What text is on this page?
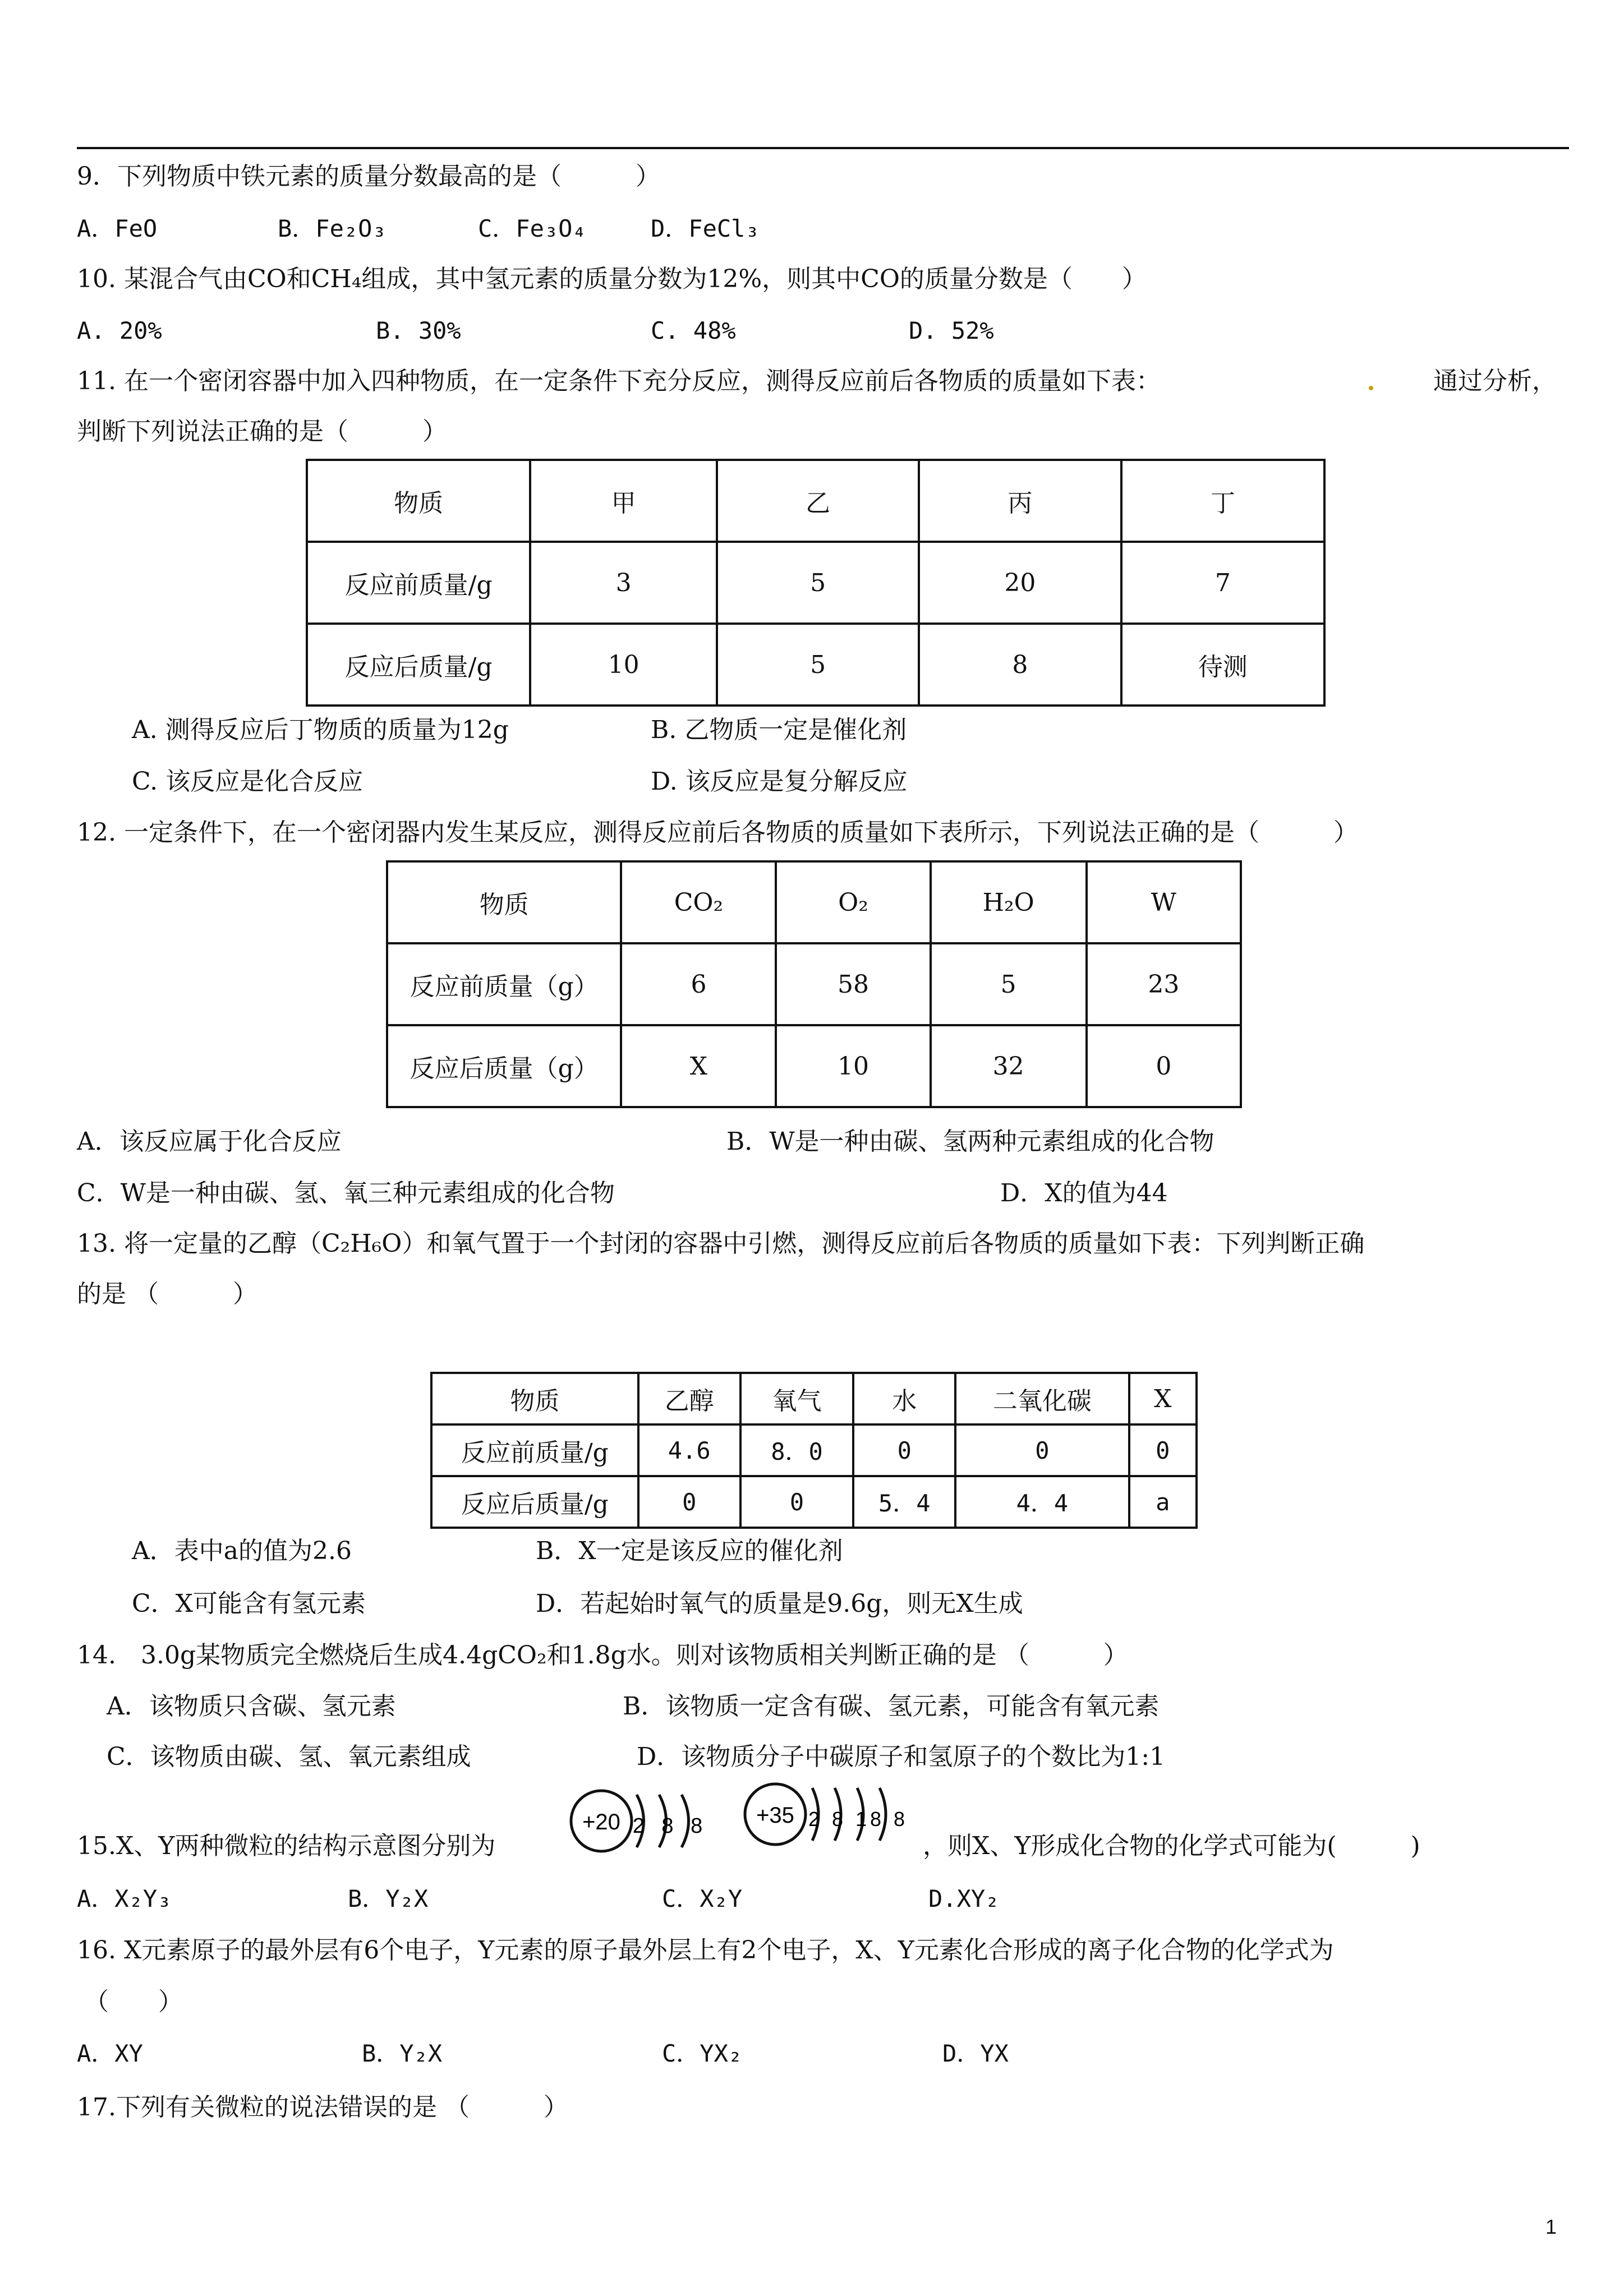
9．下列物质中铁元素的质量分数最高的是（　　　）
A．FeO	B．Fe₂O₃	C．Fe₃O₄	D．FeCl₃
10. 某混合气由CO和CH₄组成，其中氢元素的质量分数为12%，则其中CO的质量分数是（　　）
A. 20%	B. 30%	C. 48%	D. 52%
11. 在一个密闭容器中加入四种物质，在一定条件下充分反应，测得反应前后各物质的质量如下表：	通过分析，
判断下列说法正确的是（　　　）
物质	甲	乙	丙	丁
反应前质量/g	3	5	20	7
反应后质量/g	10	5	8	待测
A. 测得反应后丁物质的质量为12g	B. 乙物质一定是催化剂
C. 该反应是化合反应	D. 该反应是复分解反应
12. 一定条件下，在一个密闭器内发生某反应，测得反应前后各物质的质量如下表所示，下列说法正确的是（　　　）
物质	CO₂	O₂	H₂O	W
反应前质量（g）	6	58	5	23
反应后质量（g）	X	10	32	0
A．该反应属于化合反应	B．W是一种由碳、氢两种元素组成的化合物
C．W是一种由碳、氢、氧三种元素组成的化合物	D．X的值为44
13. 将一定量的乙醇（C₂H₆O）和氧气置于一个封闭的容器中引燃，测得反应前后各物质的质量如下表：下列判断正确
的是 （　　　）
物质	乙醇	氧气	水	二氧化碳	X
反应前质量/g	4.6	8．0	0	0	0
反应后质量/g	0	0	5．4	4．4	a
A．表中a的值为2.6	B．X一定是该反应的催化剂
C．X可能含有氢元素	D．若起始时氧气的质量是9.6g，则无X生成
14.　3.0g某物质完全燃烧后生成4.4gCO₂和1.8g水。则对该物质相关判断正确的是 （　　　）
A．该物质只含碳、氢元素	B．该物质一定含有碳、氢元素，可能含有氧元素
C．该物质由碳、氢、氧元素组成	D．该物质分子中碳原子和氢原子的个数比为1:1
15.X、Y两种微粒的结构示意图分别为
+20 2 8 8 +35 2 8 18 8
，则X、Y形成化合物的化学式可能为(　　　)
A．X₂Y₃	B．Y₂X	C．X₂Y	D.XY₂
16. X元素原子的最外层有6个电子，Y元素的原子最外层上有2个电子，X、Y元素化合形成的离子化合物的化学式为
（　　）
A．XY	B．Y₂X	C．YX₂	D．YX
17.下列有关微粒的说法错误的是 （　　　）
1
